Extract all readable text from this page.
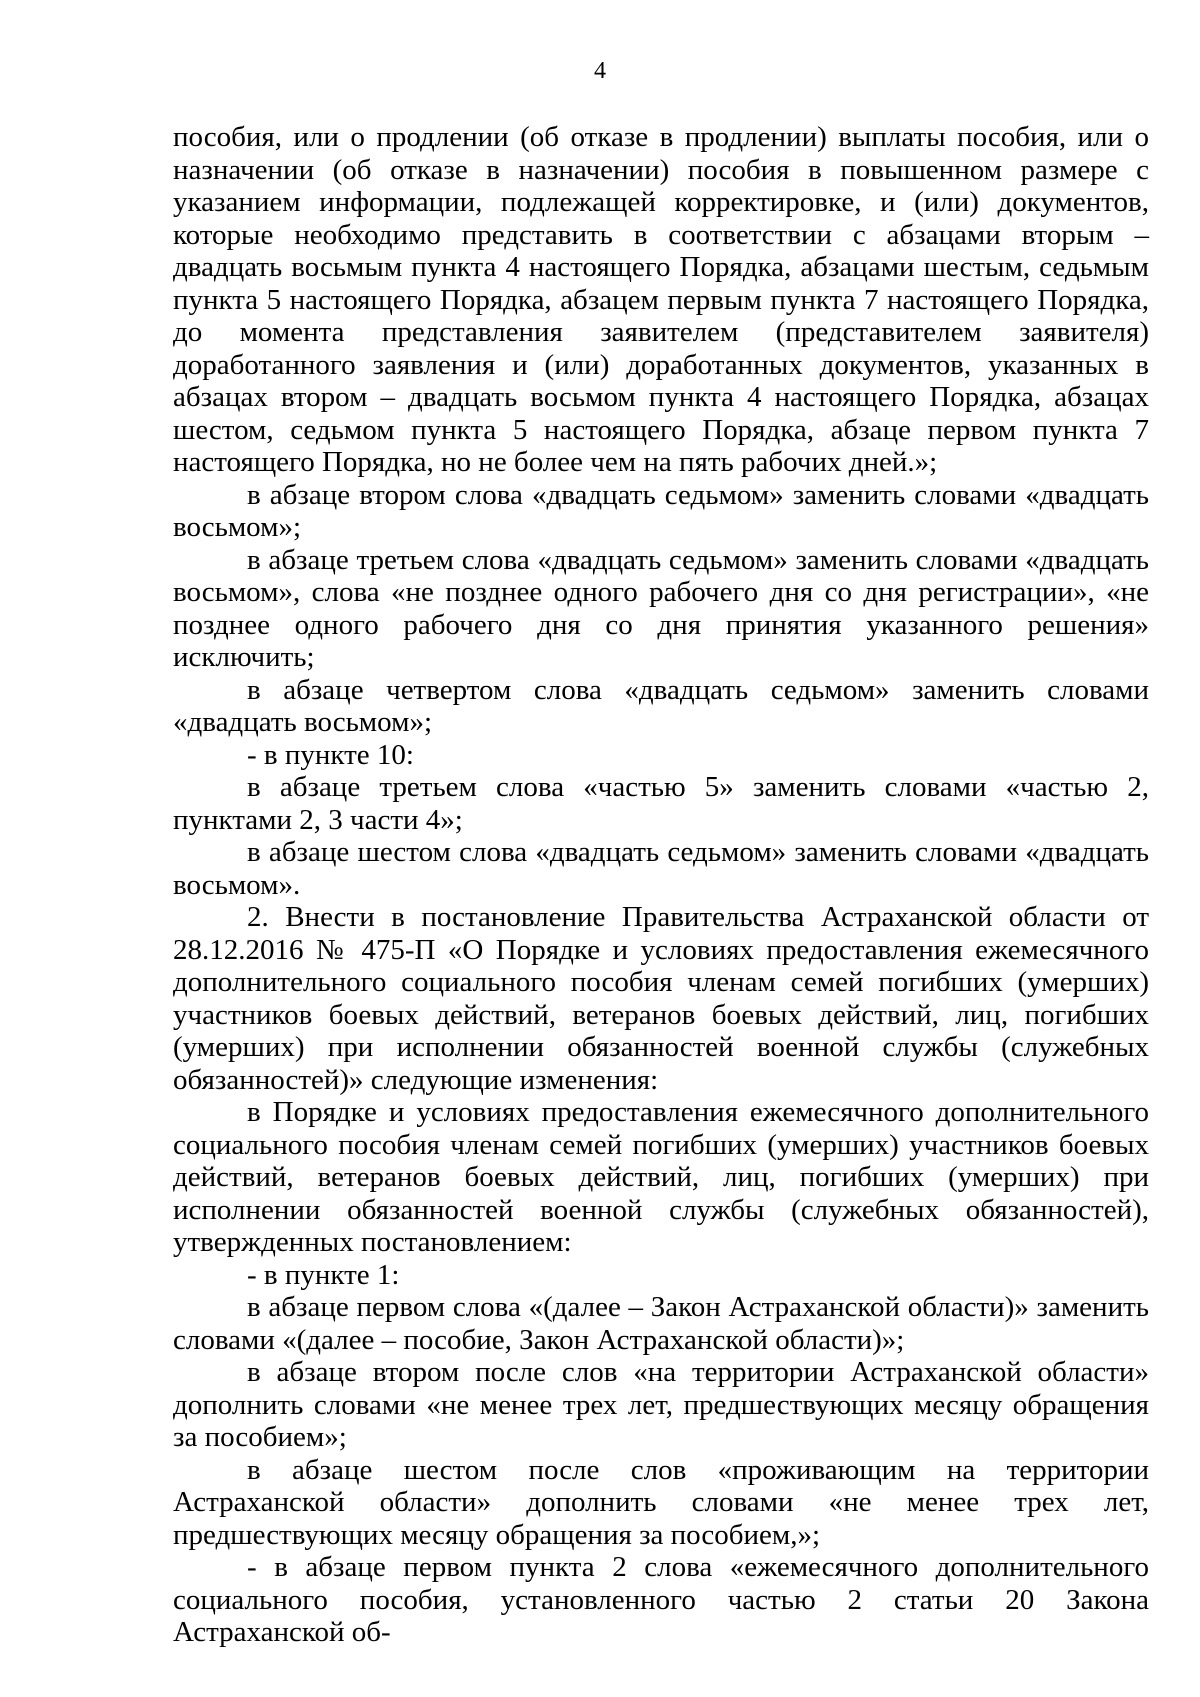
4

пособия, или о продлении (об отказе в продлении) выплаты пособия, или о назначении (об отказе в назначении) пособия в повышенном размере с указанием информации, подлежащей корректировке, и (или) документов, которые необходимо представить в соответствии с абзацами вторым – двадцать восьмым пункта 4 настоящего Порядка, абзацами шестым, седьмым пункта 5 настоящего Порядка, абзацем первым пункта 7 настоящего Порядка, до момента представления заявителем (представителем заявителя) доработанного заявления и (или) доработанных документов, указанных в абзацах втором – двадцать восьмом пункта 4 настоящего Порядка, абзацах шестом, седьмом пункта 5 настоящего Порядка, абзаце первом пункта 7 настоящего Порядка, но не более чем на пять рабочих дней.»;

в абзаце втором слова «двадцать седьмом» заменить словами «двадцать восьмом»;

в абзаце третьем слова «двадцать седьмом» заменить словами «двадцать восьмом», слова «не позднее одного рабочего дня со дня регистрации», «не позднее одного рабочего дня со дня принятия указанного решения» исключить;

в абзаце четвертом слова «двадцать седьмом» заменить словами «двадцать восьмом»;

- в пункте 10:

в абзаце третьем слова «частью 5» заменить словами «частью 2, пунктами 2, 3 части 4»;

в абзаце шестом слова «двадцать седьмом» заменить словами «двадцать восьмом».

2. Внести в постановление Правительства Астраханской области от 28.12.2016 № 475-П «О Порядке и условиях предоставления ежемесячного дополнительного социального пособия членам семей погибших (умерших) участников боевых действий, ветеранов боевых действий, лиц, погибших (умерших) при исполнении обязанностей военной службы (служебных обязанностей)» следующие изменения:

в Порядке и условиях предоставления ежемесячного дополнительного социального пособия членам семей погибших (умерших) участников боевых действий, ветеранов боевых действий, лиц, погибших (умерших) при исполнении обязанностей военной службы (служебных обязанностей), утвержденных постановлением:

- в пункте 1:

в абзаце первом слова «(далее – Закон Астраханской области)» заменить словами «(далее – пособие, Закон Астраханской области)»;

в абзаце втором после слов «на территории Астраханской области» дополнить словами «не менее трех лет, предшествующих месяцу обращения за пособием»;

в абзаце шестом после слов «проживающим на территории Астраханской области» дополнить словами «не менее трех лет, предшествующих месяцу обращения за пособием,»;

- в абзаце первом пункта 2 слова «ежемесячного дополнительного социального пособия, установленного частью 2 статьи 20 Закона Астраханской об-
